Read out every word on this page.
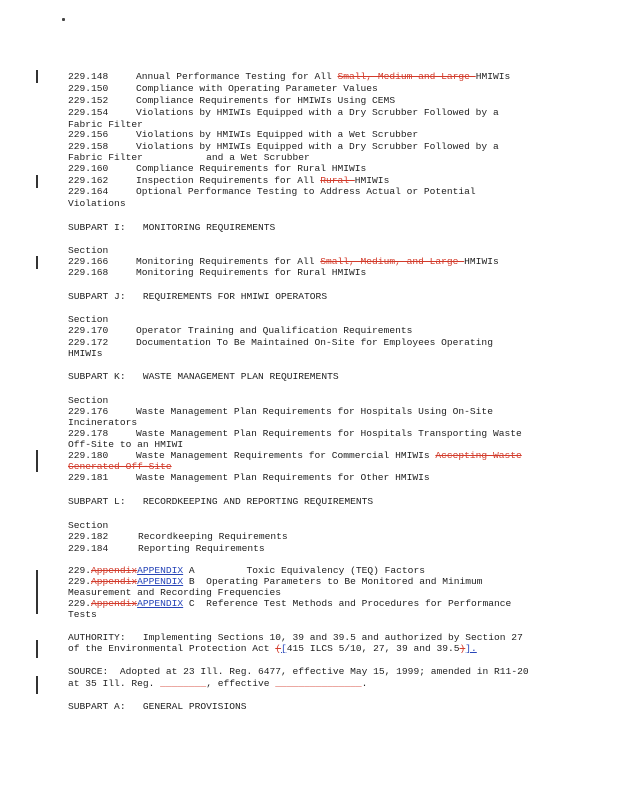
229.148	Annual Performance Testing for All Small, Medium and Large HMIWIs
229.150	Compliance with Operating Parameter Values
229.152	Compliance Requirements for HMIWIs Using CEMS
229.154	Violations by HMIWIs Equipped with a Dry Scrubber Followed by a
Fabric Filter
229.156	Violations by HMIWIs Equipped with a Wet Scrubber
229.158	Violations by HMIWIs Equipped with a Dry Scrubber Followed by a
Fabric Filter           and a Wet Scrubber
229.160	Compliance Requirements for Rural HMIWIs
229.162	Inspection Requirements for All Rural HMIWIs
229.164	Optional Performance Testing to Address Actual or Potential
Violations
SUBPART I:   MONITORING REQUIREMENTS
Section
229.166	Monitoring Requirements for All Small, Medium, and Large HMIWIs
229.168	Monitoring Requirements for Rural HMIWIs
SUBPART J:   REQUIREMENTS FOR HMIWI OPERATORS
Section
229.170	Operator Training and Qualification Requirements
229.172	Documentation To Be Maintained On-Site for Employees Operating
HMIWIs
SUBPART K:   WASTE MANAGEMENT PLAN REQUIREMENTS
Section
229.176	Waste Management Plan Requirements for Hospitals Using On-Site
Incinerators
229.178	Waste Management Plan Requirements for Hospitals Transporting Waste
Off-Site to an HMIWI
229.180	Waste Management Requirements for Commercial HMIWIs Accepting Waste
Generated Off-Site
229.181	Waste Management Plan Requirements for Other HMIWIs
SUBPART L:   RECORDKEEPING AND REPORTING REQUIREMENTS
Section
229.182	Recordkeeping Requirements
229.184	Reporting Requirements
229.AppendixAPPENDIX A         Toxic Equivalency (TEQ) Factors
229.AppendixAPPENDIX B  Operating Parameters to Be Monitored and Minimum
Measurement and Recording Frequencies
229.AppendixAPPENDIX C  Reference Test Methods and Procedures for Performance
Tests
AUTHORITY:   Implementing Sections 10, 39 and 39.5 and authorized by Section 27
of the Environmental Protection Act ([415 ILCS 5/10, 27, 39 and 39.5)].
SOURCE:  Adopted at 23 Ill. Reg. 6477, effective May 15, 1999; amended in R11-20
at 35 Ill. Reg. ________, effective _______________.
SUBPART A:   GENERAL PROVISIONS
